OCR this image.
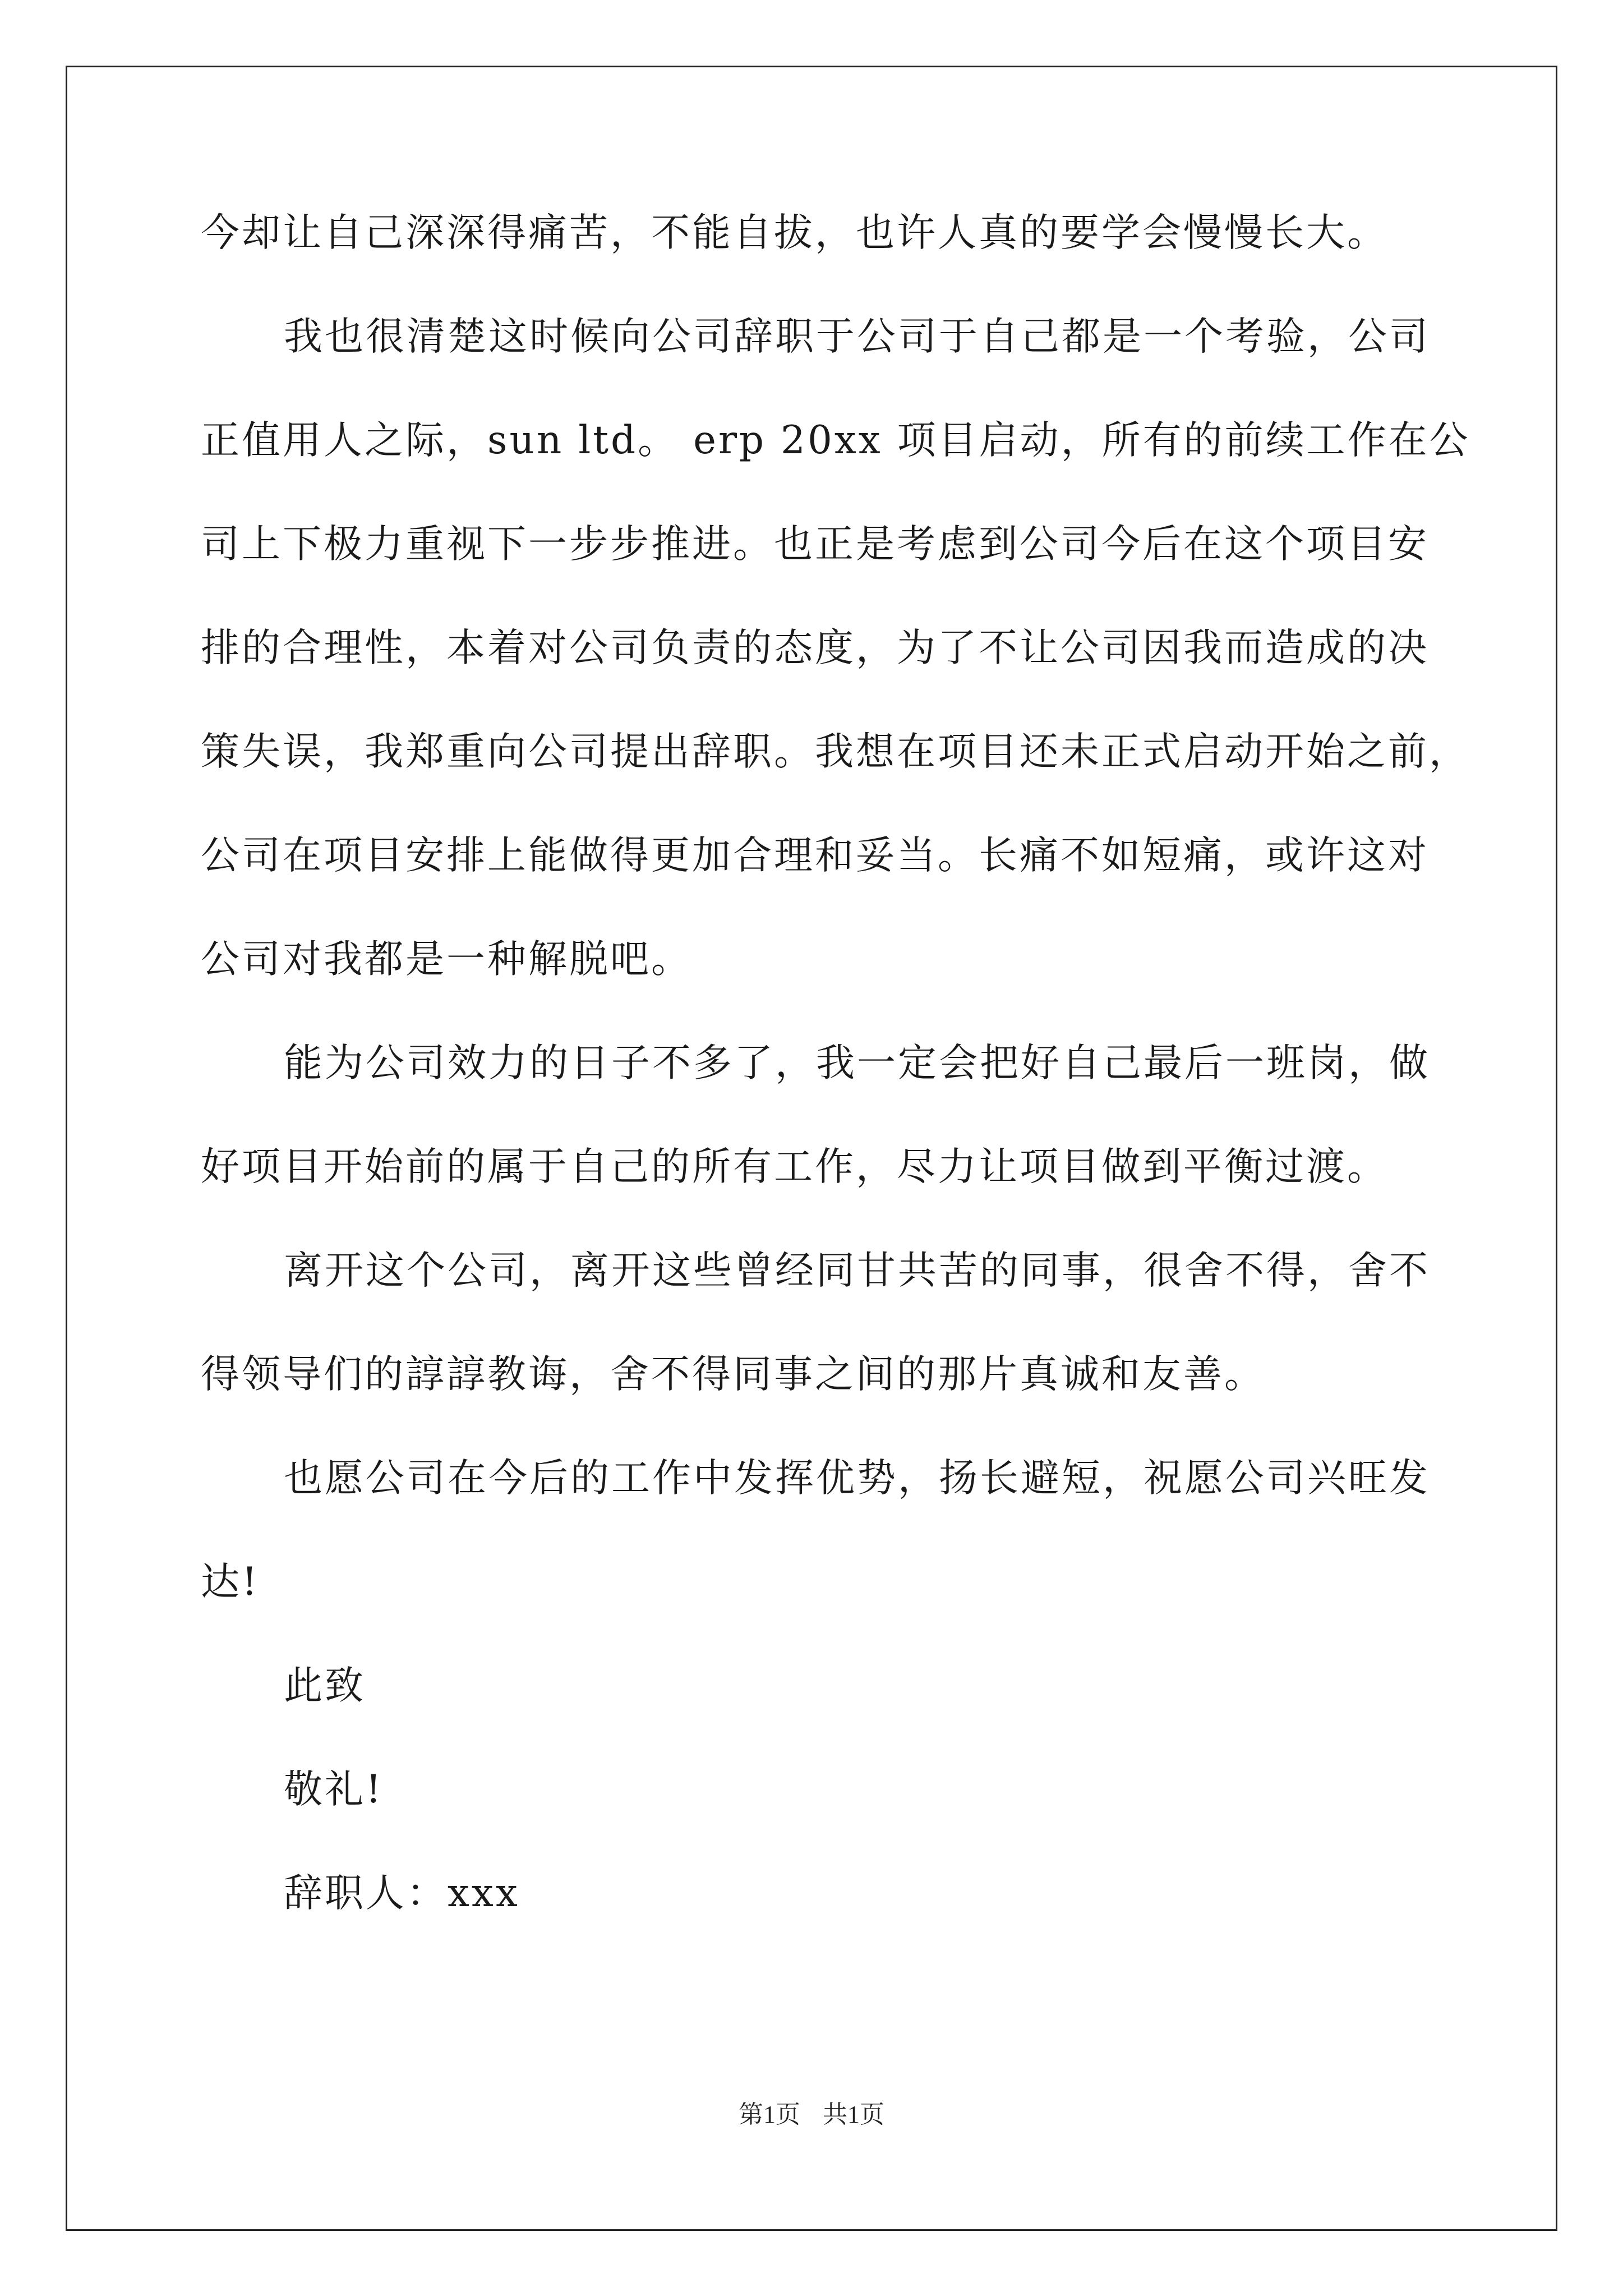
今却让自己深深得痛苦，不能自拔，也许人真的要学会慢慢长大。
我也很清楚这时候向公司辞职于公司于自己都是一个考验，公司
正值用人之际，sun ltd。 erp 20xx 项目启动，所有的前续工作在公
司上下极力重视下一步步推进。也正是考虑到公司今后在这个项目安
排的合理性，本着对公司负责的态度，为了不让公司因我而造成的决
策失误，我郑重向公司提出辞职。我想在项目还未正式启动开始之前，
公司在项目安排上能做得更加合理和妥当。长痛不如短痛，或许这对
公司对我都是一种解脱吧。
能为公司效力的日子不多了，我一定会把好自己最后一班岗，做
好项目开始前的属于自己的所有工作，尽力让项目做到平衡过渡。
离开这个公司，离开这些曾经同甘共苦的同事，很舍不得，舍不
得领导们的諄諄教诲，舍不得同事之间的那片真诚和友善。
也愿公司在今后的工作中发挥优势，扬长避短，祝愿公司兴旺发
达!
此致
敬礼!
辞职人：xxx
第1页 共1页
